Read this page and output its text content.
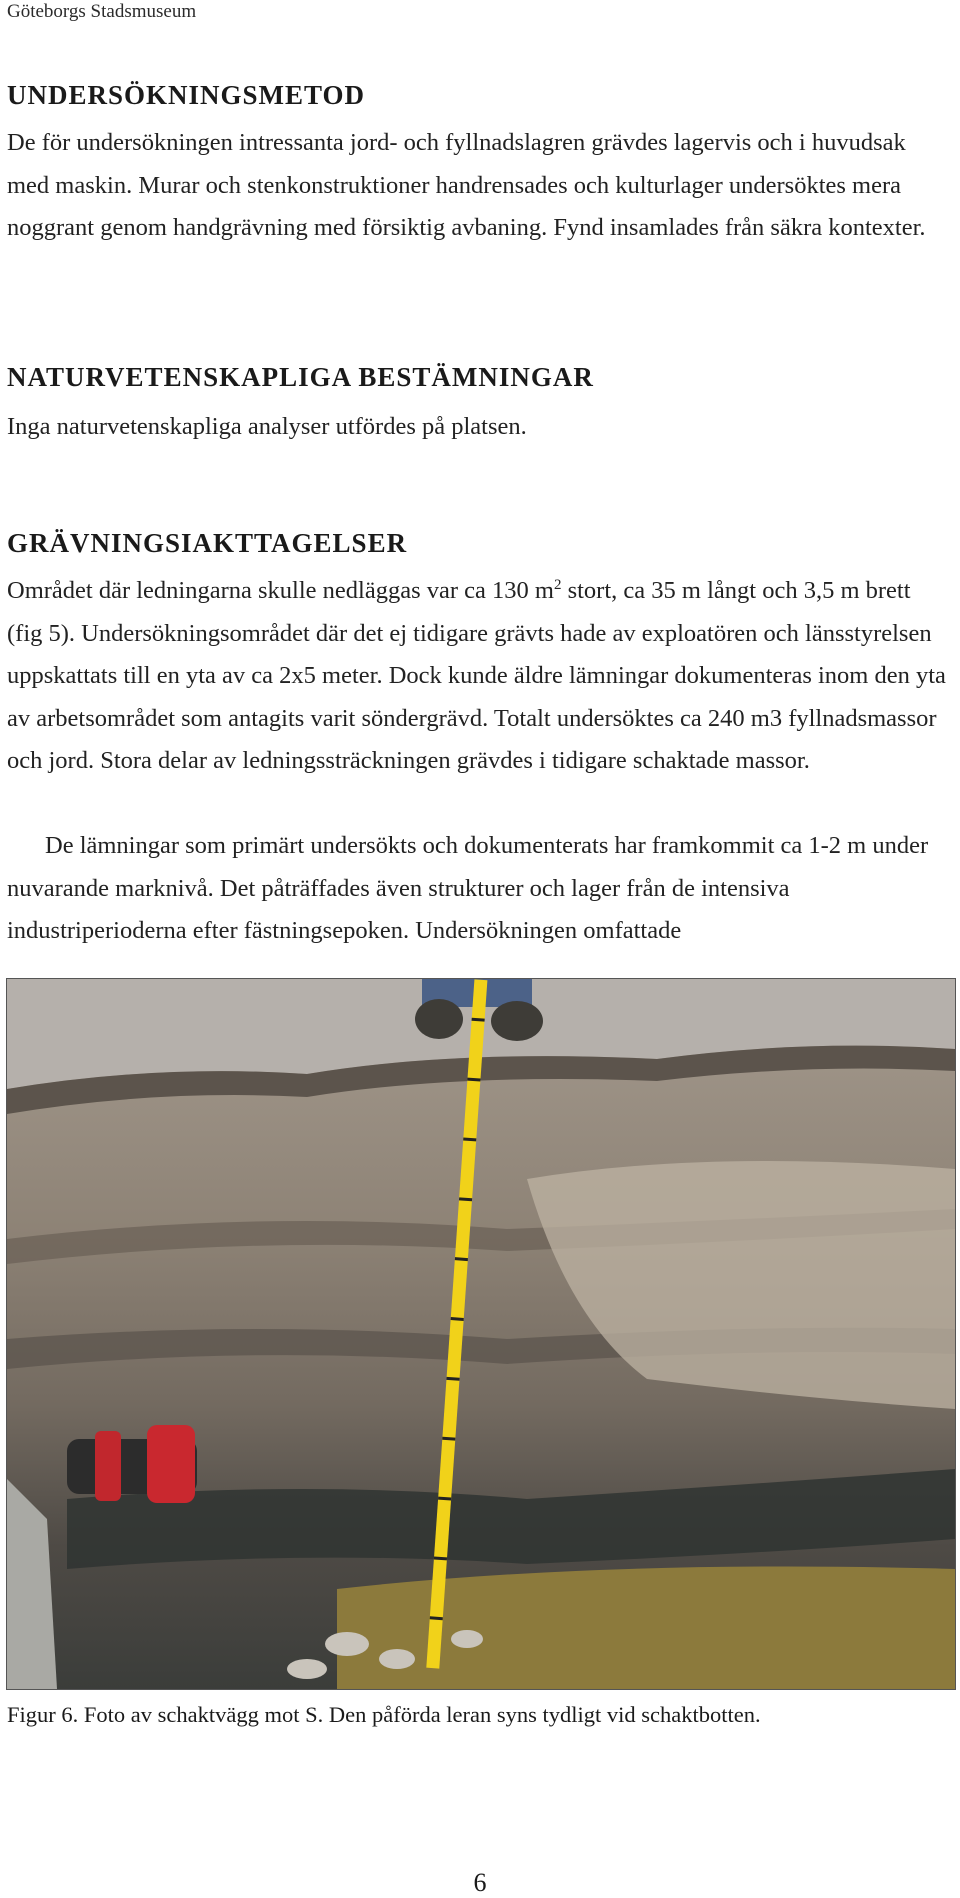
Göteborgs Stadsmuseum
UNDERSÖKNINGSMETOD

De för undersökningen intressanta jord- och fyllnadslagren grävdes lagervis och i huvudsak med maskin. Murar och stenkonstruktioner handrensades och kulturlager undersöktes mera noggrant genom handgrävning med försiktig avbaning. Fynd insamlades från säkra kontexter.

NATURVETENSKAPLIGA BESTÄMNINGAR

Inga naturvetenskapliga analyser utfördes på platsen.

GRÄVNINGSIAKTTAGELSER

Området där ledningarna skulle nedläggas var ca 130 $m^2$ stort, ca 35 m långt och 3,5 m brett (fig 5). Undersökningsområdet där det ej tidigare grävts hade av exploatören och länsstyrelsen uppskattats till en yta av ca 2x5 meter. Dock kunde äldre lämningar dokumenteras inom den yta av arbetsområdet som antagits varit söndergrävd. Totalt undersöktes ca 240 m3 fyllnadsmassor och jord. Stora delar av ledningssträckningen grävdes i tidigare schaktade massor.

De lämningar som primärt undersökts och dokumenterats har framkommit ca 1-2 m under nuvarande marknivå. Det påträffades även strukturer och lager från de intensiva industriperioderna efter fästningsepoken. Undersökningen omfattade

Figur 6. Foto av schaktvägg mot S. Den påförda leran syns tydligt vid schaktbotten.
6
